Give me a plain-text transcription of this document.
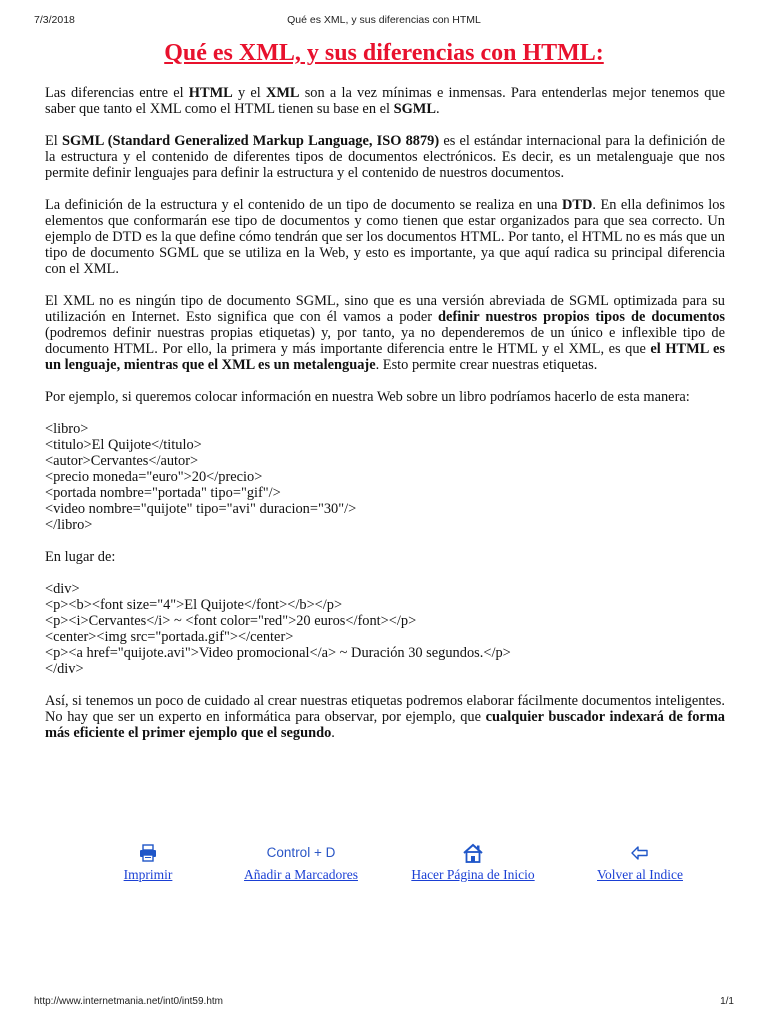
7/3/2018	Qué es XML, y sus diferencias con HTML
Qué es XML, y sus diferencias con HTML:

Las diferencias entre el HTML y el XML son a la vez mínimas e inmensas. Para entenderlas mejor tenemos que saber que tanto el XML como el HTML tienen su base en el SGML.

El SGML (Standard Generalized Markup Language, ISO 8879) es el estándar internacional para la definición de la estructura y el contenido de diferentes tipos de documentos electrónicos. Es decir, es un metalenguaje que nos permite definir lenguajes para definir la estructura y el contenido de nuestros documentos.

La definición de la estructura y el contenido de un tipo de documento se realiza en una DTD. En ella definimos los elementos que conformarán ese tipo de documentos y como tienen que estar organizados para que sea correcto. Un ejemplo de DTD es la que define cómo tendrán que ser los documentos HTML. Por tanto, el HTML no es más que un tipo de documento SGML que se utiliza en la Web, y esto es importante, ya que aquí radica su principal diferencia con el XML.

El XML no es ningún tipo de documento SGML, sino que es una versión abreviada de SGML optimizada para su utilización en Internet. Esto significa que con él vamos a poder definir nuestros propios tipos de documentos (podremos definir nuestras propias etiquetas) y, por tanto, ya no dependeremos de un único e inflexible tipo de documento HTML. Por ello, la primera y más importante diferencia entre le HTML y el XML, es que el HTML es un lenguaje, mientras que el XML es un metalenguaje. Esto permite crear nuestras etiquetas.

Por ejemplo, si queremos colocar información en nuestra Web sobre un libro podríamos hacerlo de esta manera:

<libro>
<titulo>El Quijote</titulo>
<autor>Cervantes</autor>
<precio moneda="euro">20</precio>
<portada nombre="portada" tipo="gif"/>
<video nombre="quijote" tipo="avi" duracion="30"/>
</libro>

En lugar de:

<div>
<p><b><font size="4">El Quijote</font></b></p>
<p><i>Cervantes</i> ~ <font color="red">20 euros</font></p>
<center><img src="portada.gif"></center>
<p><a href="quijote.avi">Video promocional</a> ~ Duración 30 segundos.</p>
</div>

Así, si tenemos un poco de cuidado al crear nuestras etiquetas podremos elaborar fácilmente documentos inteligentes. No hay que ser un experto en informática para observar, por ejemplo, que cualquier buscador indexará de forma más eficiente el primer ejemplo que el segundo.

Imprimir
Control + D
Añadir a Marcadores	Hacer Página de Inicio	Volver al Indice
http://www.internetmania.net/int0/int59.htm	1/1
